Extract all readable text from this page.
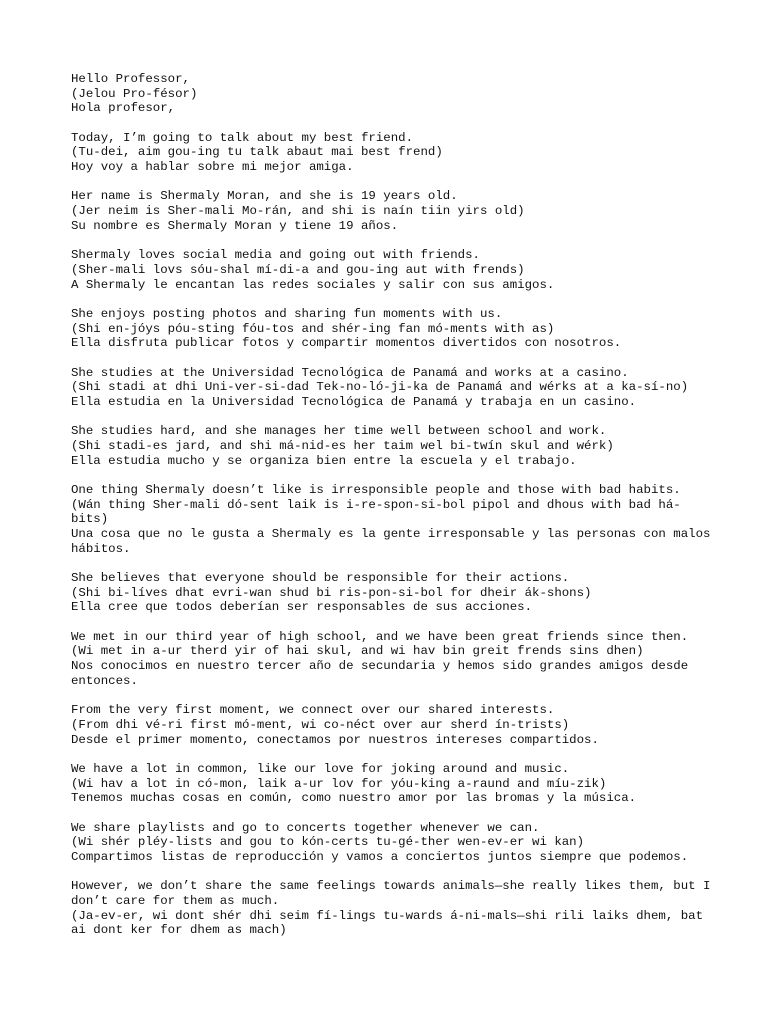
Hello Professor,
(Jelou Pro-fésor)
Hola profesor,
Today, I’m going to talk about my best friend.
(Tu-dei, aim gou-ing tu talk abaut mai best frend)
Hoy voy a hablar sobre mi mejor amiga.
Her name is Shermaly Moran, and she is 19 years old.
(Jer neim is Sher-mali Mo-rán, and shi is naín tiin yirs old)
Su nombre es Shermaly Moran y tiene 19 años.
Shermaly loves social media and going out with friends.
(Sher-mali lovs sóu-shal mí-di-a and gou-ing aut with frends)
A Shermaly le encantan las redes sociales y salir con sus amigos.
She enjoys posting photos and sharing fun moments with us.
(Shi en-jóys póu-sting fóu-tos and shér-ing fan mó-ments with as)
Ella disfruta publicar fotos y compartir momentos divertidos con nosotros.
She studies at the Universidad Tecnológica de Panamá and works at a casino.
(Shi stadi at dhi Uni-ver-si-dad Tek-no-ló-ji-ka de Panamá and wérks at a ka-sí-no)
Ella estudia en la Universidad Tecnológica de Panamá y trabaja en un casino.
She studies hard, and she manages her time well between school and work.
(Shi stadi-es jard, and shi má-nid-es her taim wel bi-twín skul and wérk)
Ella estudia mucho y se organiza bien entre la escuela y el trabajo.
One thing Shermaly doesn’t like is irresponsible people and those with bad habits.
(Wán thing Sher-mali dó-sent laik is i-re-spon-si-bol pipol and dhous with bad há-bits)
Una cosa que no le gusta a Shermaly es la gente irresponsable y las personas con malos hábitos.
She believes that everyone should be responsible for their actions.
(Shi bi-líves dhat evri-wan shud bi ris-pon-si-bol for dheir ák-shons)
Ella cree que todos deberían ser responsables de sus acciones.
We met in our third year of high school, and we have been great friends since then.
(Wi met in a-ur therd yir of hai skul, and wi hav bin greit frends sins dhen)
Nos conocimos en nuestro tercer año de secundaria y hemos sido grandes amigos desde entonces.
From the very first moment, we connect over our shared interests.
(From dhi vé-ri first mó-ment, wi co-néct over aur sherd ín-trists)
Desde el primer momento, conectamos por nuestros intereses compartidos.
We have a lot in common, like our love for joking around and music.
(Wi hav a lot in có-mon, laik a-ur lov for yóu-king a-raund and míu-zik)
Tenemos muchas cosas en común, como nuestro amor por las bromas y la música.
We share playlists and go to concerts together whenever we can.
(Wi shér pléy-lists and gou to kón-certs tu-gé-ther wen-ev-er wi kan)
Compartimos listas de reproducción y vamos a conciertos juntos siempre que podemos.
However, we don’t share the same feelings towards animals—she really likes them, but I don’t care for them as much.
(Ja-ev-er, wi dont shér dhi seim fí-lings tu-wards á-ni-mals—shi rili laiks dhem, bat ai dont ker for dhem as mach)
